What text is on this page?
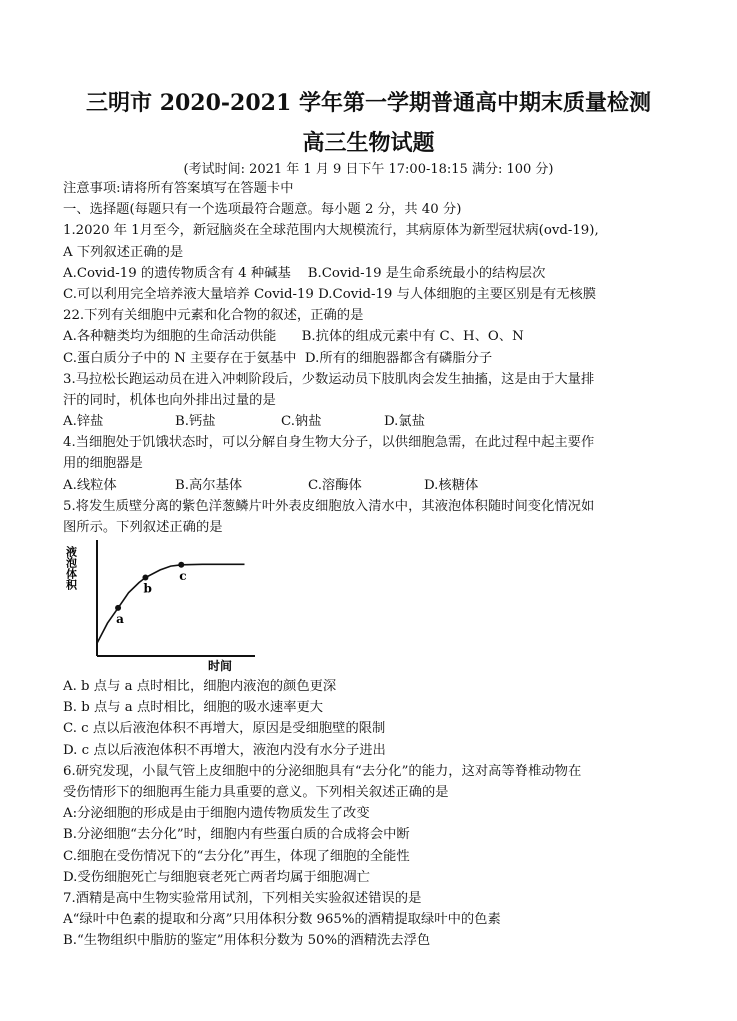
三明市 2020-2021 学年第一学期普通高中期末质量检测
高三生物试题
(考试时间: 2021 年 1 月 9 日下午 17:00-18:15 满分: 100 分)
注意事项:请将所有答案填写在答题卡中
一、选择题(每题只有一个选项最符合题意。每小题 2 分，共 40 分)
1.2020 年 1月至今，新冠脑炎在全球范围内大规模流行，其病原体为新型冠状病(ovd-19),
A 下列叙述正确的是
A.Covid-19 的遗传物质含有 4 种碱基    B.Covid-19 是生命系统最小的结构层次
C.可以利用完全培养液大量培养 Covid-19 D.Covid-19 与人体细胞的主要区别是有无核膜
22.下列有关细胞中元素和化合物的叙述，正确的是
A.各种糖类均为细胞的生命活动供能      B.抗体的组成元素中有 C、H、O、N
C.蛋白质分子中的 N 主要存在于氨基中  D.所有的细胞器都含有磷脂分子
3.马拉松长跑运动员在进入冲刺阶段后，少数运动员下肢肌肉会发生抽搐，这是由于大量排
汗的同时，机体也向外排出过量的是
A.锌盐	B.钙盐	C.钠盐	D.氯盐
4.当细胞处于饥饿状态时，可以分解自身生物大分子，以供细胞急需，在此过程中起主要作
用的细胞器是
A.线粒体	B.高尔基体	C.溶酶体	D.核糖体
5.将发生质壁分离的紫色洋葱鳞片叶外表皮细胞放入清水中，其液泡体积随时间变化情况如
图所示。下列叙述正确的是
液泡体积
时间
a
b
c
A. b 点与 a 点时相比，细胞内液泡的颜色更深
B. b 点与 a 点时相比，细胞的吸水速率更大
C. c 点以后液泡体积不再增大，原因是受细胞壁的限制
D. c 点以后液泡体积不再增大，液泡内没有水分子进出
6.研究发现，小鼠气管上皮细胞中的分泌细胞具有“去分化”的能力，这对高等脊椎动物在
受伤情形下的细胞再生能力具重要的意义。下列相关叙述正确的是
A:分泌细胞的形成是由于细胞内遗传物质发生了改变
B.分泌细胞“去分化”时，细胞内有些蛋白质的合成将会中断
C.细胞在受伤情况下的“去分化”再生，体现了细胞的全能性
D.受伤细胞死亡与细胞衰老死亡两者均属于细胞凋亡
7.酒精是高中生物实验常用试剂，下列相关实验叙述错误的是
A“绿叶中色素的提取和分离”只用体积分数 965%的酒精提取绿叶中的色素
B.“生物组织中脂肪的鉴定”用体积分数为 50%的酒精洗去浮色
